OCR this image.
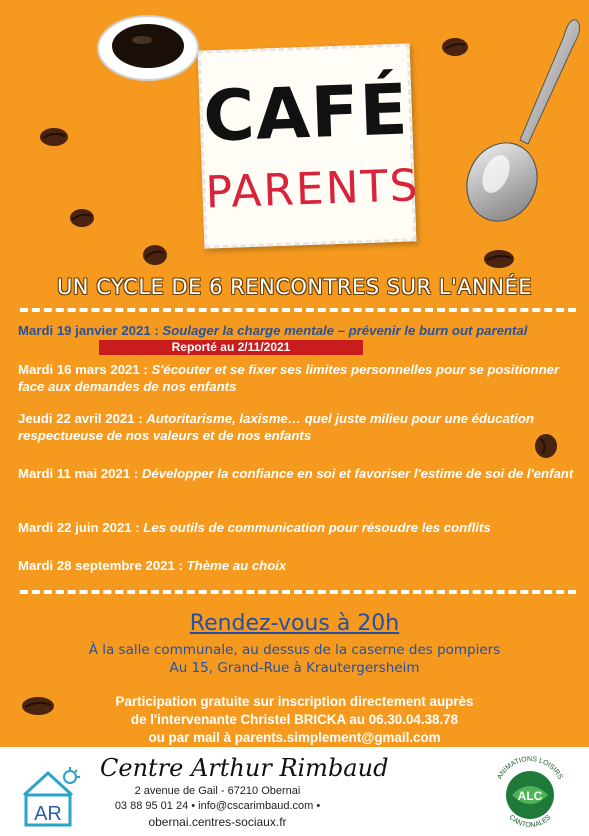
CAFÉ
PARENTS
UN CYCLE DE 6 RENCONTRES SUR L'ANNÉE
Mardi 19 janvier 2021 : Soulager la charge mentale – prévenir le burn out parental
Reporté au 2/11/2021
Mardi 16 mars 2021 : S'écouter et se fixer ses limites personnelles pour se positionner face aux demandes de nos enfants
Jeudi 22 avril 2021 : Autoritarisme, laxisme… quel juste milieu pour une éducation respectueuse de nos valeurs et de nos enfants
Mardi 11 mai 2021 : Développer la confiance en soi et favoriser l'estime de soi de l'enfant
Mardi 22 juin 2021 : Les outils de communication pour résoudre les conflits
Mardi 28 septembre 2021 : Thème au choix
Rendez-vous à 20h
À la salle communale, au dessus de la caserne des pompiers
Au 15, Grand-Rue à Krautergersheim
Participation gratuite sur inscription directement auprès
de l'intervenante Christel BRICKA au 06.30.04.38.78
ou par mail à parents.simplement@gmail.com
AR
Centre Arthur Rimbaud
2 avenue de Gail - 67210 Obernai
03 88 95 01 24 • info@cscarimbaud.com •
obernai.centres-sociaux.fr
ALC
ANIMATIONS LOISIRS
CANTONALES
